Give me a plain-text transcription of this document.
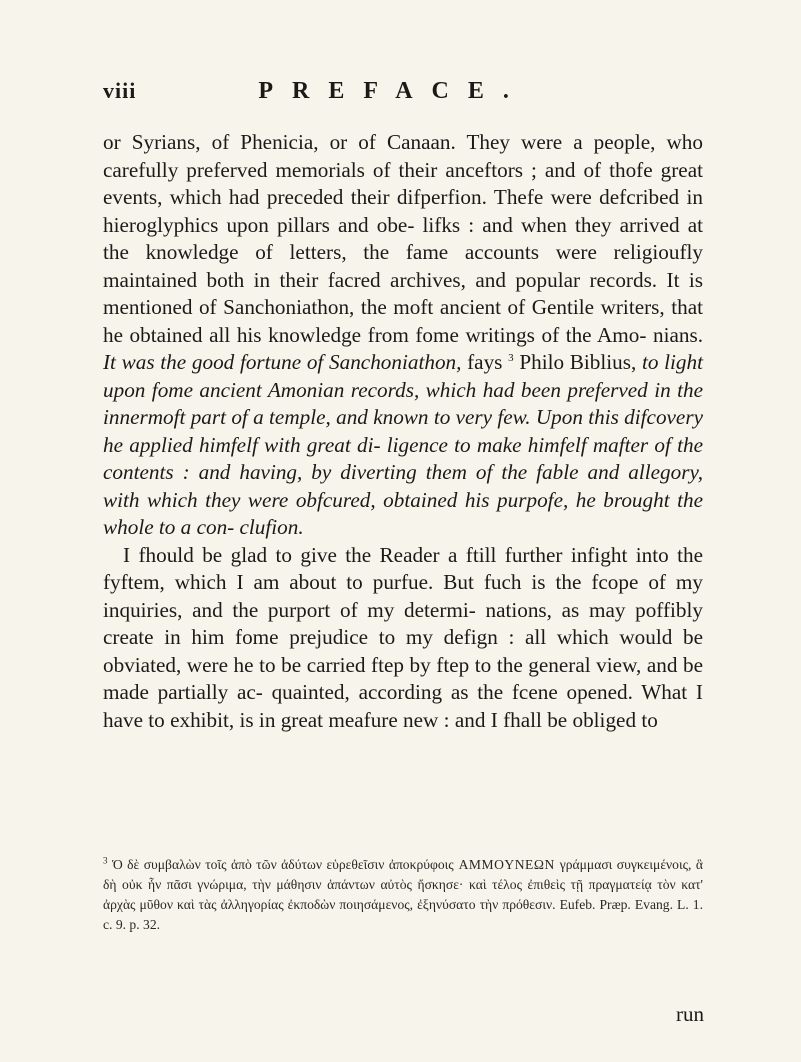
viii	PREFACE.

or Syrians, of Phenicia, or of Canaan. They were a people, who carefully preferved memorials of their anceftors ; and of thofe great events, which had preceded their difperfion. Thefe were defcribed in hieroglyphics upon pillars and obe- lifks : and when they arrived at the knowledge of letters, the fame accounts were religioufly maintained both in their facred archives, and popular records. It is mentioned of Sanchoniathon, the moft ancient of Gentile writers, that he obtained all his knowledge from fome writings of the Amo- nians. It was the good fortune of Sanchoniathon, fays $^3$ Philo Biblius, to light upon fome ancient Amonian records, which had been preferved in the innermoft part of a temple, and known to very few. Upon this difcovery he applied himfelf with great di- ligence to make himfelf mafter of the contents : and having, by diverting them of the fable and allegory, with which they were obfcured, obtained his purpofe, he brought the whole to a con- clufion.

I fhould be glad to give the Reader a ftill further infight into the fyftem, which I am about to purfue. But fuch is the fcope of my inquiries, and the purport of my determi- nations, as may poffibly create in him fome prejudice to my defign : all which would be obviated, were he to be carried ftep by ftep to the general view, and be made partially ac- quainted, according as the fcene opened. What I have to exhibit, is in great meafure new : and I fhall be obliged to

$^3$ Ὁ δὲ συμβαλὼν τοῖς ἀπὸ τῶν ἀδύτων εὑρεθεῖσιν ἀποκρύφοις AMMOYNEΩN γράμμασι συγκειμένοις, ἃ δὴ οὐκ ἦν πᾶσι γνώριμα, τὴν μάθησιν ἁπάντων αὐτὸς ἤσκησε· καὶ τέλος ἐπιθεὶς τῇ πραγματείᾳ τὸν κατ' ἀρχὰς μῦθον καὶ τὰς ἀλληγορίας ἐκποδὼν ποιησάμενος, ἐξηνύσατο τὴν πρόθεσιν. Eufeb. Præp. Evang. L. 1. c. 9. p. 32.
run
